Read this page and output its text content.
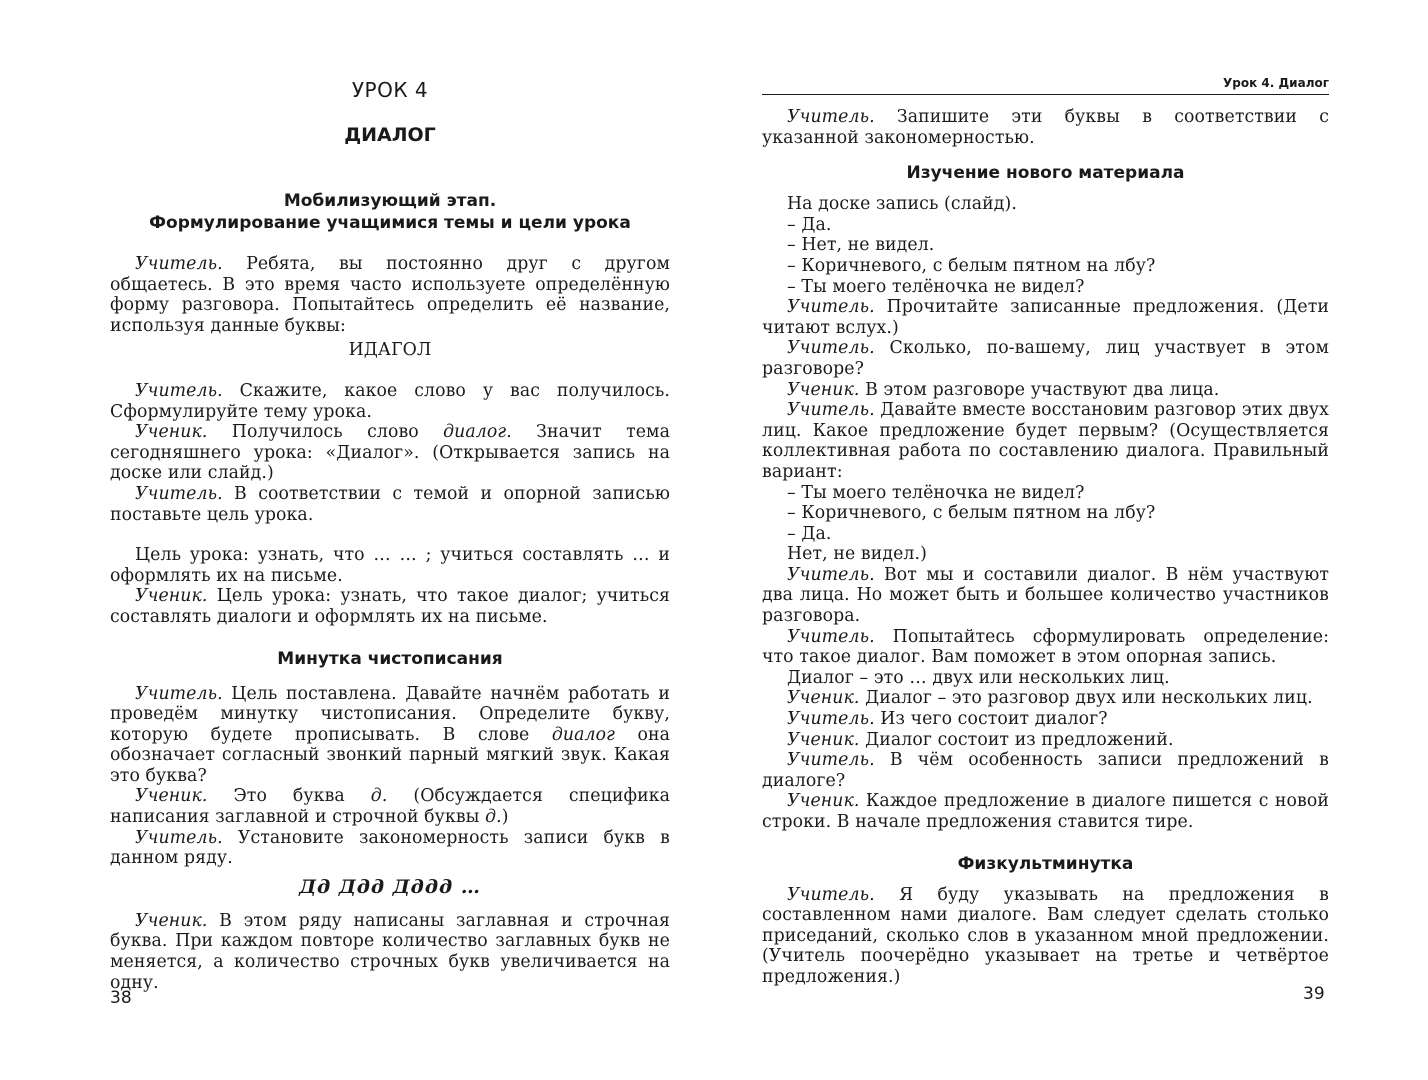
УРОК 4
ДИАЛОГ
Мобилизующий этап.
Формулирование учащимися темы и цели урока

Учитель. Ребята, вы постоянно друг с другом общаетесь. В это время часто используете определённую форму разговора. Попытайтесь определить её название, используя данные буквы:

ИДАГОЛ

Учитель. Скажите, какое слово у вас получилось. Сформулируйте тему урока.

Ученик. Получилось слово диалог. Значит тема сегодняшнего урока: «Диалог». (Открывается запись на доске или слайд.)

Учитель. В соответствии с темой и опорной записью поставьте цель урока.

Цель урока: узнать, что … … ; учиться составлять … и оформлять их на письме.

Ученик. Цель урока: узнать, что такое диалог; учиться составлять диалоги и оформлять их на письме.

Минутка чистописания

Учитель. Цель поставлена. Давайте начнём работать и проведём минутку чистописания. Определите букву, которую будете прописывать. В слове диалог она обозначает согласный звонкий парный мягкий звук. Какая это буква?

Ученик. Это буква д. (Обсуждается специфика написания заглавной и строчной буквы д.)

Учитель. Установите закономерность записи букв в данном ряду.

Дд Ддд Дддд …

Ученик. В этом ряду написаны заглавная и строчная буква. При каждом повторе количество заглавных букв не меняется, а количество строчных букв увеличивается на одну.

38
Урок 4. Диалог

Учитель. Запишите эти буквы в соответствии с указанной закономерностью.

Изучение нового материала

На доске запись (слайд).

– Да.

– Нет, не видел.

– Коричневого, с белым пятном на лбу?

– Ты моего телёночка не видел?

Учитель. Прочитайте записанные предложения. (Дети читают вслух.)

Учитель. Сколько, по-вашему, лиц участвует в этом разговоре?

Ученик. В этом разговоре участвуют два лица.

Учитель. Давайте вместе восстановим разговор этих двух лиц. Какое предложение будет первым? (Осуществляется коллективная работа по составлению диалога. Правильный вариант:

– Ты моего телёночка не видел?

– Коричневого, с белым пятном на лбу?

– Да.

Нет, не видел.)

Учитель. Вот мы и составили диалог. В нём участвуют два лица. Но может быть и большее количество участников разговора.

Учитель. Попытайтесь сформулировать определение: что такое диалог. Вам поможет в этом опорная запись.

Диалог – это … двух или нескольких лиц.

Ученик. Диалог – это разговор двух или нескольких лиц.

Учитель. Из чего состоит диалог?

Ученик. Диалог состоит из предложений.

Учитель. В чём особенность записи предложений в диалоге?

Ученик. Каждое предложение в диалоге пишется с новой строки. В начале предложения ставится тире.

Физкультминутка

Учитель. Я буду указывать на предложения в составленном нами диалоге. Вам следует сделать столько приседаний, сколько слов в указанном мной предложении. (Учитель поочерёдно указывает на третье и четвёртое предложения.)

39
